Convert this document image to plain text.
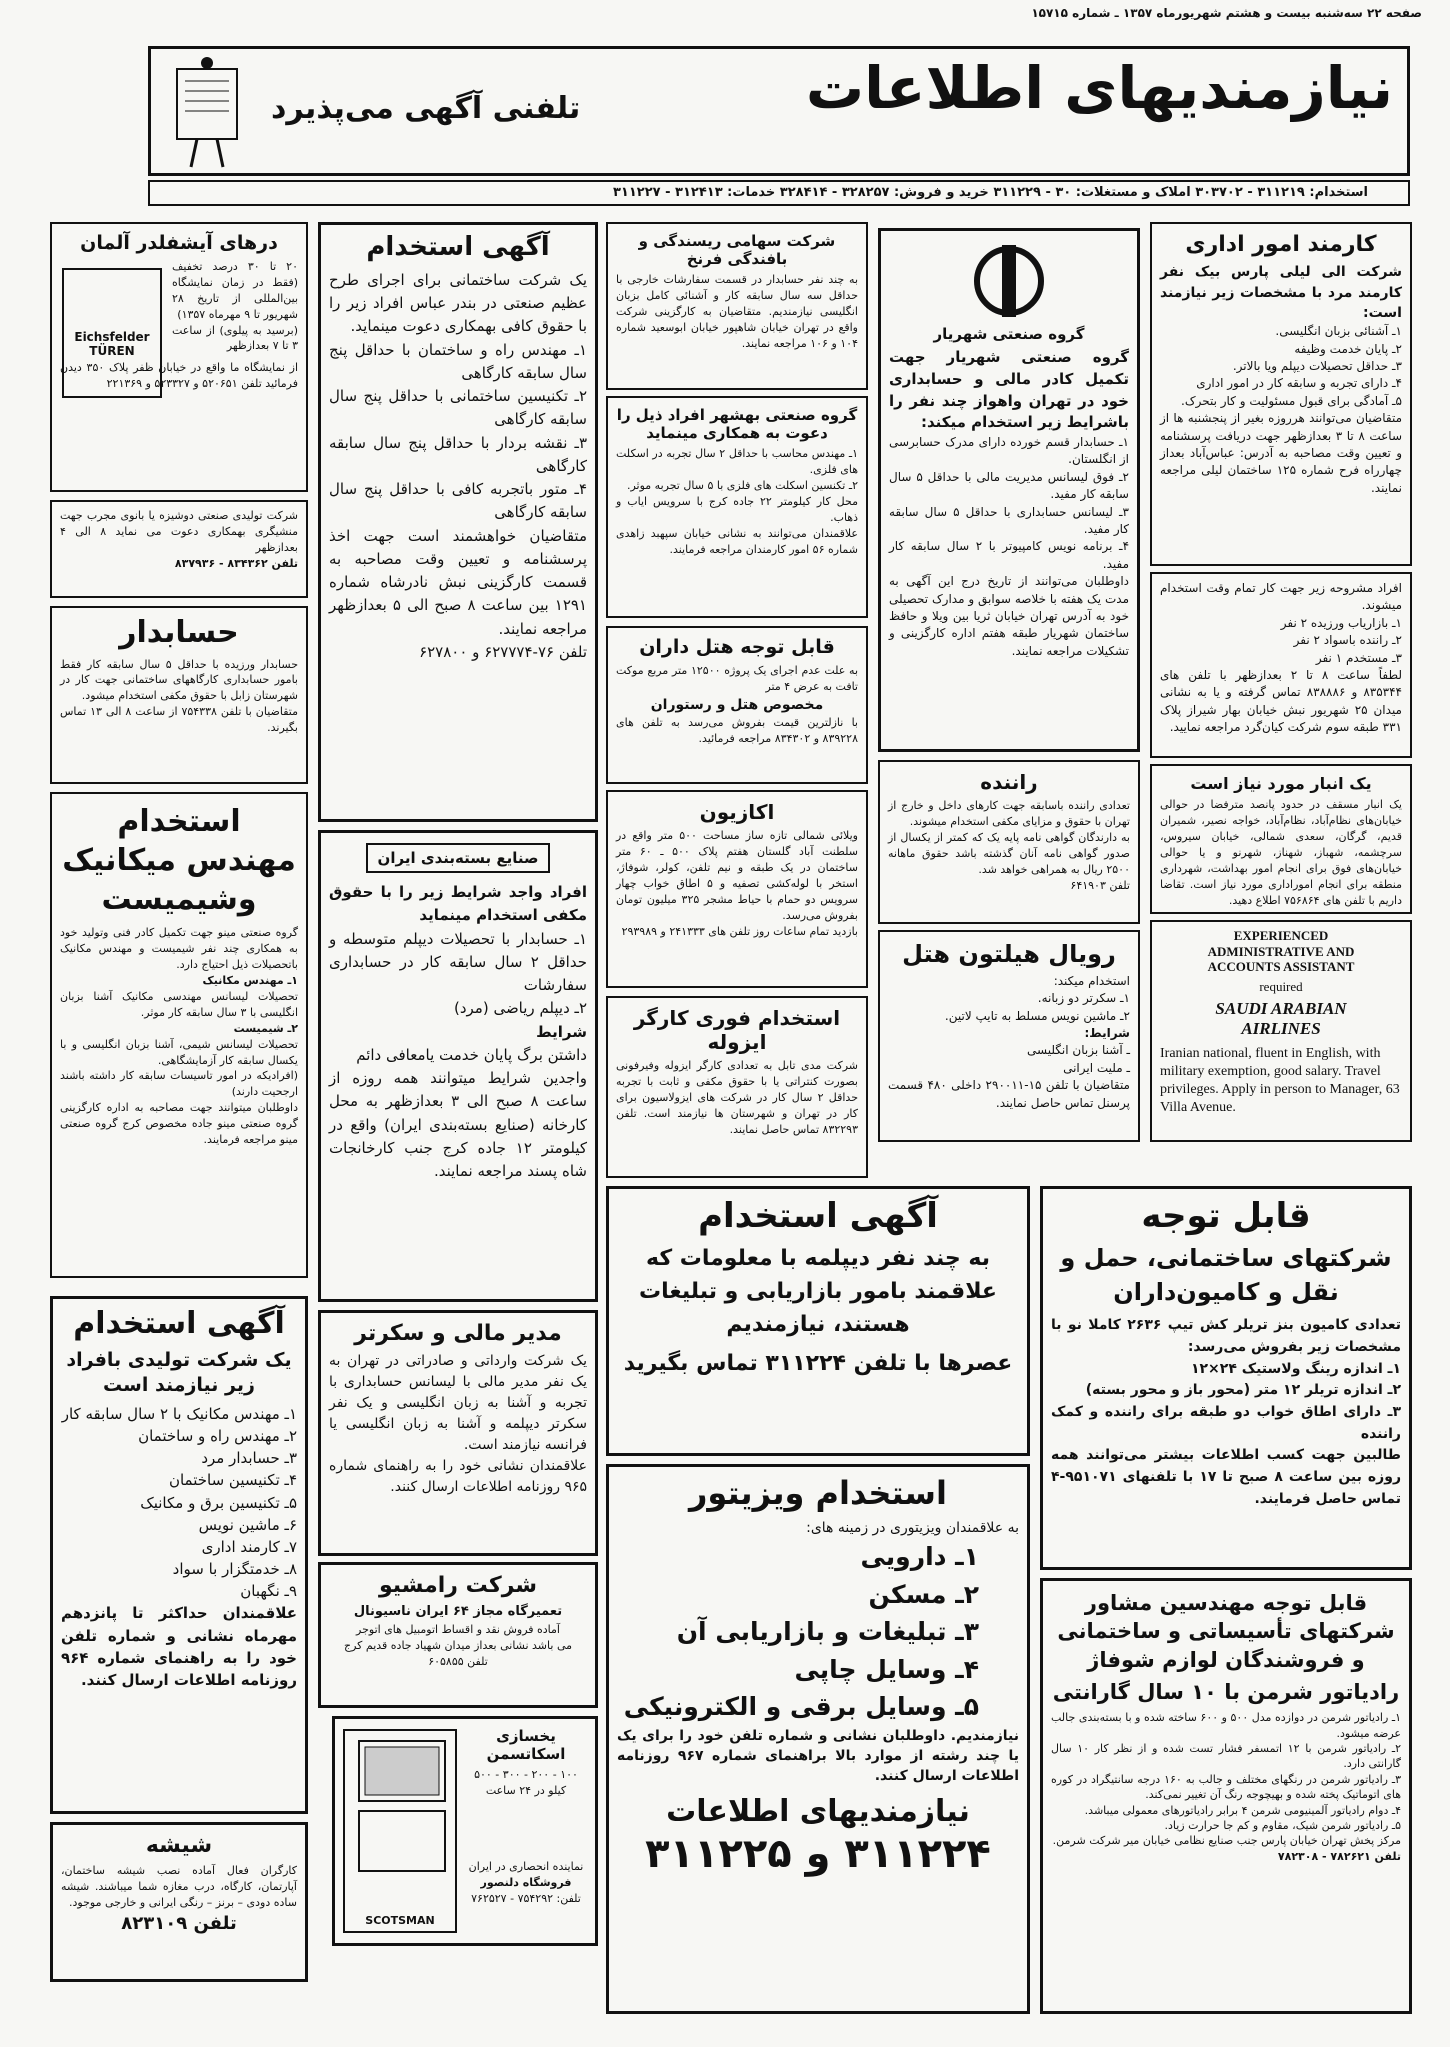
صفحه ۲۲ سه‌شنبه بیست و هشتم شهریورماه ۱۳۵۷ ـ شماره ۱۵۷۱۵
نیازمندیهای اطلاعات
تلفنی آگهی می‌پذیرد
استخدام: ۳۱۱۲۱۹ - ۳۰۳۷۰۲ املاک و مستغلات: ۳۰ - ۳۱۱۲۲۹ خرید و فروش: ۳۲۸۲۵۷ - ۳۲۸۴۱۴ خدمات: ۳۱۲۴۱۳ - ۳۱۱۲۲۷
کارمند امور اداری
شرکت الی لیلی پارس بیک نفر کارمند مرد با مشخصات زیر نیازمند است:
۱ـ آشنائی بزبان انگلیسی.
۲ـ پایان خدمت وظیفه
۳ـ حداقل تحصیلات دیپلم ویا بالاتر.
۴ـ دارای تجربه و سابقه کار در امور اداری
۵ـ آمادگی برای قبول مسئولیت و کار بتحرک.
متقاضیان می‌توانند هرروزه بغیر از پنجشنبه ها از ساعت ۸ تا ۳ بعدازظهر جهت دریافت پرسشنامه و تعیین وقت مصاحبه به آدرس: عباس‌آباد بعداز چهارراه فرح شماره ۱۲۵ ساختمان لیلی مراجعه نمایند.
افراد مشروحه زیر جهت کار تمام وقت استخدام میشوند.
۱ـ بازاریاب ورزیده ۲ نفر
۲ـ راننده باسواد ۲ نفر
۳ـ مستخدم ۱ نفر
لطفاً ساعت ۸ تا ۲ بعدازظهر با تلفن های ۸۳۵۳۴۴ و ۸۳۸۸۸۶ تماس گرفته و یا به نشانی میدان ۲۵ شهریور نبش خیابان بهار شیراز پلاک ۳۳۱ طبقه سوم شرکت کیان‌گرد مراجعه نمایید.
یک انبار مورد نیاز است
یک انبار مسقف در حدود پانصد مترفضا در حوالی خیابان‌های نظام‌آباد، نظام‌آباد، خواجه نصیر، شمیران قدیم، گرگان، سعدی شمالی، خیابان سیروس، سرچشمه، شهباز، شهناز، شهرنو و یا حوالی خیابان‌های فوق برای انجام امور بهداشت، شهرداری منطقه برای انجام اموراداری مورد نیاز است. تقاضا داریم با تلفن های ۷۵۶۸۶۴ اطلاع دهید.
EXPERIENCED
ADMINISTRATIVE AND
ACCOUNTS ASSISTANT
required
SAUDI ARABIAN
AIRLINES
Iranian national, fluent in English, with military exemption, good salary. Travel privileges. Apply in person to Manager, 63 Villa Avenue.
گروه صنعتی شهریار
گروه صنعتی شهریار جهت تکمیل کادر مالی و حسابداری خود در تهران واهواز چند نفر را باشرایط زیر استخدام میکند:
۱ـ حسابدار قسم خورده دارای مدرک حسابرسی از انگلستان.
۲ـ فوق لیسانس مدیریت مالی با حداقل ۵ سال سابقه کار مفید.
۳ـ لیسانس حسابداری با حداقل ۵ سال سابقه کار مفید.
۴ـ برنامه نویس کامپیوتر با ۲ سال سابقه کار مفید.
داوطلبان می‌توانند از تاریخ درج این آگهی به مدت یک هفته با خلاصه سوابق و مدارک تحصیلی خود به آدرس تهران خیابان ثریا بین ویلا و حافظ ساختمان شهریار طبقه هفتم اداره کارگزینی و تشکیلات مراجعه نمایند.
راننده
تعدادی راننده باسابقه جهت کارهای داخل و خارج از تهران با حقوق و مزایای مکفی استخدام میشوند.
به دارندگان گواهی نامه پایه یک که کمتر از یکسال از صدور گواهی نامه آنان گذشته باشد حقوق ماهانه ۲۵۰۰ ریال به همراهی خواهد شد.
تلفن ۶۴۱۹۰۳
رویال هیلتون هتل
استخدام میکند:
۱ـ سکرتر دو زبانه.
۲ـ ماشین نویس مسلط به تایپ لاتین.
شرایط:
ـ آشنا بزبان انگلیسی
ـ ملیت ایرانی
متقاضیان با تلفن ۱۵-۲۹۰۰۱۱ داخلی ۴۸۰ قسمت پرسنل تماس حاصل نمایند.
شرکت سهامی ریسندگی و بافندگی فرنخ
به چند نفر حسابدار در قسمت سفارشات خارجی با حداقل سه سال سابقه کار و آشنائی کامل بزبان انگلیسی نیازمندیم. متقاضیان به کارگزینی شرکت واقع در تهران خیابان شاهپور خیابان ابوسعید شماره ۱۰۴ و ۱۰۶ مراجعه نمایند.
گروه صنعتی بهشهر افراد ذیل را دعوت به همکاری مینماید
۱ـ مهندس محاسب با حداقل ۲ سال تجربه در اسکلت های فلزی.
۲ـ تکنسین اسکلت های فلزی با ۵ سال تجربه موثر.
محل کار کیلومتر ۲۲ جاده کرج با سرویس ایاب و ذهاب.
علاقمندان می‌توانند به نشانی خیابان سپهبد زاهدی شماره ۵۶ امور کارمندان مراجعه فرمایند.
قابل توجه هتل داران
به علت عدم اجرای یک پروژه ۱۲۵۰۰ متر مربع موکت تافت به عرض ۴ متر
مخصوص هتل و رستوران
با نازلترین قیمت بفروش می‌رسد به تلفن های ۸۳۹۲۲۸ و ۸۳۴۳۰۲ مراجعه فرمائید.
اکازیون
ویلائی شمالی تازه ساز مساحت ۵۰۰ متر واقع در سلطنت آباد گلستان هفتم پلاک ۵۰۰ ـ ۶۰ متر ساختمان در یک طبقه و نیم تلفن، کولر، شوفاژ، استخر با لوله‌کشی تصفیه و ۵ اطاق خواب چهار سرویس دو حمام با حیاط مشجر ۳۲۵ میلیون تومان بفروش می‌رسد.
بازدید تمام ساعات روز تلفن های ۲۴۱۳۳۳ و ۲۹۳۹۸۹
استخدام فوری کارگر ایزوله
شرکت مدی تابل به تعدادی کارگر ایزوله وفیرفونی بصورت کنتراتی یا با حقوق مکفی و ثابت با تجربه حداقل ۲ سال کار در شرکت های ایزولاسیون برای کار در تهران و شهرستان ها نیازمند است. تلفن ۸۳۲۲۹۳ تماس حاصل نمایند.
آگهی استخدام
یک شرکت ساختمانی برای اجرای طرح عظیم صنعتی در بندر عباس افراد زیر را با حقوق کافی بهمکاری دعوت مینماید.
۱ـ مهندس راه و ساختمان با حداقل پنج سال سابقه کارگاهی
۲ـ تکنیسین ساختمانی با حداقل پنج سال سابقه کارگاهی
۳ـ نقشه بردار با حداقل پنج سال سابقه کارگاهی
۴ـ متور باتجربه کافی با حداقل پنج سال سابقه کارگاهی
متقاضیان خواهشمند است جهت اخذ پرسشنامه و تعیین وقت مصاحبه به قسمت کارگزینی نبش نادرشاه شماره ۱۲۹۱ بین ساعت ۸ صبح الی ۵ بعدازظهر مراجعه نمایند.
تلفن ۷۶-۶۲۷۷۷۴ و ۶۲۷۸۰۰
صنایع بسته‌بندی ایران
افراد واجد شرایط زیر را با حقوق مکفی استخدام مینماید
۱ـ حسابدار با تحصیلات دیپلم متوسطه و حداقل ۲ سال سابقه کار در حسابداری سفارشات
۲ـ دیپلم ریاضی (مرد)
شرایط
داشتن برگ پایان خدمت یامعافی دائم
واجدین شرایط میتوانند همه روزه از ساعت ۸ صبح الی ۳ بعدازظهر به محل کارخانه (صنایع بسته‌بندی ایران) واقع در کیلومتر ۱۲ جاده کرج جنب کارخانجات شاه پسند مراجعه نمایند.
درهای آیشفلدر آلمان
Eichsfelder TÜREN
۲۰ تا ۳۰ درصد تخفیف (فقط در زمان نمایشگاه بین‌المللی از تاریخ ۲۸ شهریور تا ۹ مهرماه ۱۳۵۷)
(برسید به پیلوی) از ساعت ۳ تا ۷ بعدازظهر
از نمایشگاه ما واقع در خیابان ظفر پلاک ۳۵۰ دیدن فرمائید تلفن ۵۲۰۶۵۱ و ۵۲۳۳۲۷ و ۲۲۱۳۶۹
شرکت تولیدی صنعتی دوشیزه یا بانوی مجرب جهت منشیگری بهمکاری دعوت می نماید ۸ الی ۴ بعدازظهر
تلفن ۸۳۴۳۶۲ - ۸۳۷۹۳۶
حسابدار
حسابدار ورزیده با حداقل ۵ سال سابقه کار فقط بامور حسابداری کارگاههای ساختمانی جهت کار در شهرستان زابل با حقوق مکفی استخدام میشود.
متقاضیان با تلفن ۷۵۴۳۳۸ از ساعت ۸ الی ۱۳ تماس بگیرند.
استخدام مهندس میکانیک وشیمیست
گروه صنعتی مینو جهت تکمیل کادر فنی وتولید خود به همکاری چند نفر شیمیست و مهندس مکانیک باتحصیلات ذیل احتیاج دارد.
۱ـ مهندس مکانیک
تحصیلات لیسانس مهندسی مکانیک آشنا بزبان انگلیسی با ۳ سال سابقه کار موثر.
۲ـ شیمیست
تحصیلات لیسانس شیمی، آشنا بزبان انگلیسی و با یکسال سابقه کار آزمایشگاهی.
(افرادیکه در امور تاسیسات سابقه کار داشته باشند ارجحیت دارند)
داوطلبان میتوانند جهت مصاحبه به اداره کارگزینی گروه صنعتی مینو جاده مخصوص کرج گروه صنعتی مینو مراجعه فرمایند.
قابل توجه
شرکتهای ساختمانی، حمل و نقل و کامیون‌داران
تعدادی کامیون بنز تریلر کش تیپ ۲۶۳۶ کاملا نو با مشخصات زیر بفروش می‌رسد:
۱ـ اندازه رینگ ولاستیک ۲۴×۱۲
۲ـ اندازه تریلر ۱۲ متر (محور باز و محور بسته)
۳ـ دارای اطاق خواب دو طبقه برای راننده و کمک راننده
طالبین جهت کسب اطلاعات بیشتر می‌توانند همه روزه بین ساعت ۸ صبح تا ۱۷ با تلفنهای ۹۵۱۰۷۱-۴ تماس حاصل فرمایند.
قابل توجه مهندسین مشاور شرکتهای تأسیساتی و ساختمانی و فروشندگان لوازم شوفاژ
رادیاتور شرمن با ۱۰ سال گارانتی
۱ـ رادیاتور شرمن در دوازده مدل ۵۰۰ و ۶۰۰ ساخته شده و با بسته‌بندی جالب عرضه میشود.
۲ـ رادیاتور شرمن با ۱۲ اتمسفر فشار تست شده و از نظر کار ۱۰ سال گارانتی دارد.
۳ـ رادیاتور شرمن در رنگهای مختلف و جالب به ۱۶۰ درجه سانتیگراد در کوره های اتوماتیک پخته شده و بهیچوجه رنگ آن تغییر نمی‌کند.
۴ـ دوام رادیاتور آلمینیومی شرمن ۴ برابر رادیاتورهای معمولی میباشد.
۵ـ رادیاتور شرمن شیک، مقاوم و کم جا حرارت زیاد.
مرکز پخش تهران خیابان پارس جنب صنایع نظامی خیابان میر شرکت شرمن.
تلفن ۷۸۲۶۲۱ - ۷۸۲۳۰۸
آگهی استخدام
به چند نفر دیپلمه با معلومات که علاقمند بامور بازاریابی و تبلیغات هستند، نیازمندیم
عصرها با تلفن ۳۱۱۲۲۴ تماس بگیرید
استخدام ویزیتور
به علاقمندان ویزیتوری در زمینه های:
۱ـ دارویی
۲ـ مسکن
۳ـ تبلیغات و بازاریابی آن
۴ـ وسایل چاپی
۵ـ وسایل برقی و الکترونیکی
نیازمندیم. داوطلبان نشانی و شماره تلفن خود را برای یک یا چند رشته از موارد بالا براهنمای شماره ۹۶۷ روزنامه اطلاعات ارسال کنند.
نیازمندیهای اطلاعات
۳۱۱۲۲۴ و ۳۱۱۲۲۵
مدیر مالی و سکرتر
یک شرکت وارداتی و صادراتی در تهران به یک نفر مدیر مالی با لیسانس حسابداری با تجربه و آشنا به زبان انگلیسی و یک نفر سکرتر دیپلمه و آشنا به زبان انگلیسی یا فرانسه نیازمند است.
علاقمندان نشانی خود را به راهنمای شماره ۹۶۵ روزنامه اطلاعات ارسال کنند.
شرکت رامشیو
تعمیرگاه مجاز ۶۴ ایران ناسیونال
آماده فروش نقد و اقساط اتومبیل های اتوجر
می باشد نشانی بعداز میدان شهیاد جاده قدیم کرج
تلفن ۶۰۵۸۵۵
SCOTSMAN
یخسازی اسکاتسمن
۱۰۰ - ۲۰۰ - ۳۰۰ - ۵۰۰ کیلو در ۲۴ ساعت
نماینده انحصاری در ایران
فروشگاه دلنصور
تلفن: ۷۵۴۲۹۲ - ۷۶۲۵۲۷
آگهی استخدام
یک شرکت تولیدی بافراد زیر نیازمند است
۱ـ مهندس مکانیک با ۲ سال سابقه کار
۲ـ مهندس راه و ساختمان
۳ـ حسابدار مرد
۴ـ تکنیسین ساختمان
۵ـ تکنیسین برق و مکانیک
۶ـ ماشین نویس
۷ـ کارمند اداری
۸ـ خدمتگزار با سواد
۹ـ نگهبان
علاقمندان حداکثر تا پانزدهم مهرماه نشانی و شماره تلفن خود را به راهنمای شماره ۹۶۴ روزنامه اطلاعات ارسال کنند.
شیشه
کارگران فعال آماده نصب شیشه ساختمان، آپارتمان، کارگاه، درب مغازه شما میباشند. شیشه ساده دودی – برنز – رنگی ایرانی و خارجی موجود.
تلفن ۸۲۳۱۰۹
